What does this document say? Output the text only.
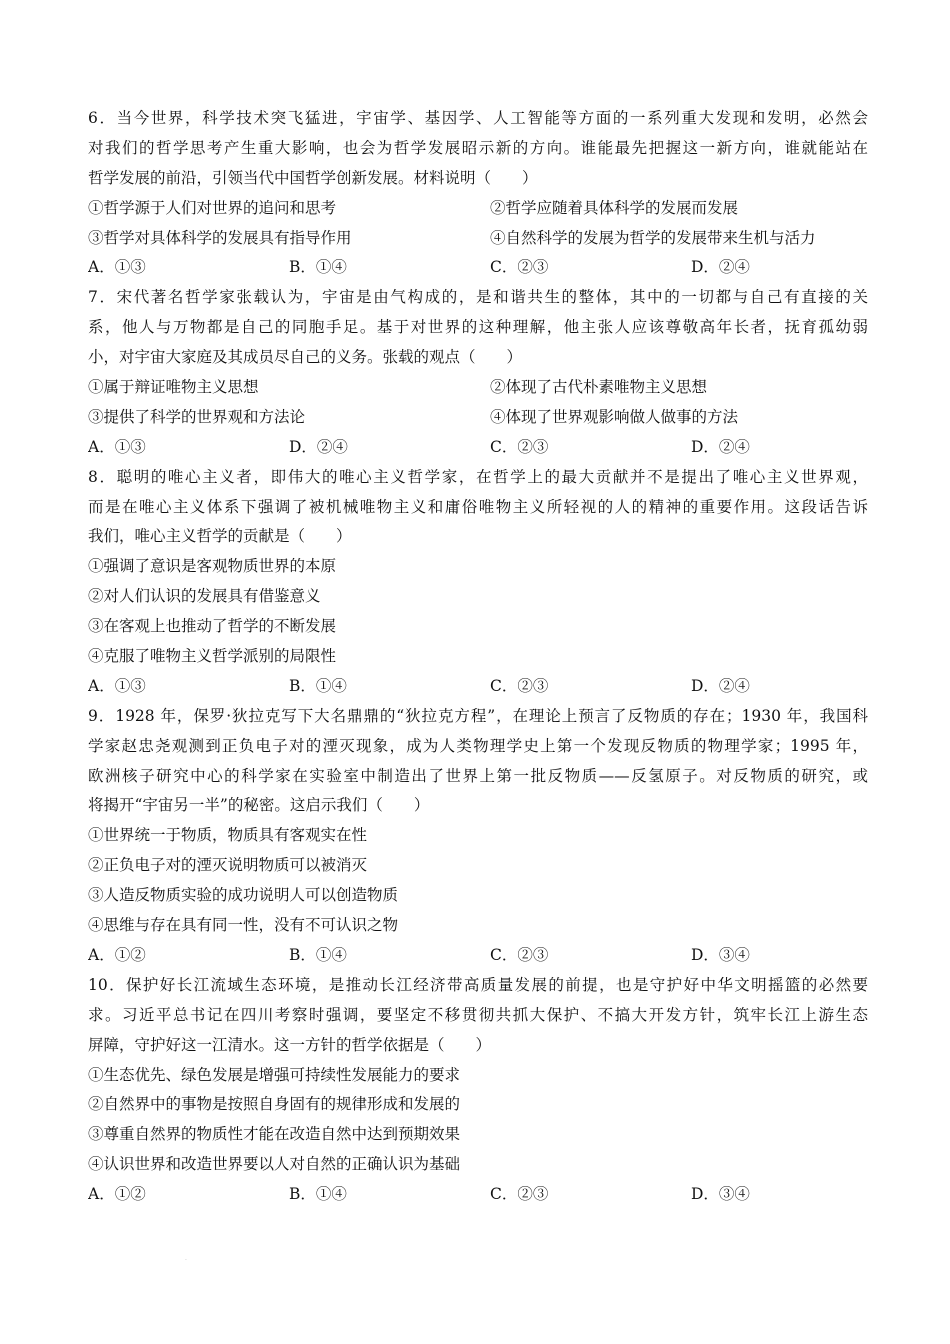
6．当今世界，科学技术突飞猛进，宇宙学、基因学、人工智能等方面的一系列重大发现和发明，必然会
对我们的哲学思考产生重大影响，也会为哲学发展昭示新的方向。谁能最先把握这一新方向，谁就能站在
哲学发展的前沿，引领当代中国哲学创新发展。材料说明（　　）
①哲学源于人们对世界的追问和思考	②哲学应随着具体科学的发展而发展
③哲学对具体科学的发展具有指导作用	④自然科学的发展为哲学的发展带来生机与活力
A．①③	B．①④	C．②③	D．②④
7．宋代著名哲学家张载认为，宇宙是由气构成的，是和谐共生的整体，其中的一切都与自己有直接的关
系，他人与万物都是自己的同胞手足。基于对世界的这种理解，他主张人应该尊敬高年长者，抚育孤幼弱
小，对宇宙大家庭及其成员尽自己的义务。张载的观点（　　）
①属于辩证唯物主义思想	②体现了古代朴素唯物主义思想
③提供了科学的世界观和方法论	④体现了世界观影响做人做事的方法
A．①③	D．②④	C．②③	D．②④
8．聪明的唯心主义者，即伟大的唯心主义哲学家，在哲学上的最大贡献并不是提出了唯心主义世界观，
而是在唯心主义体系下强调了被机械唯物主义和庸俗唯物主义所轻视的人的精神的重要作用。这段话告诉
我们，唯心主义哲学的贡献是（　　）
①强调了意识是客观物质世界的本原
②对人们认识的发展具有借鉴意义
③在客观上也推动了哲学的不断发展
④克服了唯物主义哲学派别的局限性
A．①③	B．①④	C．②③	D．②④
9．1928 年，保罗·狄拉克写下大名鼎鼎的“狄拉克方程”，在理论上预言了反物质的存在；1930 年，我国科
学家赵忠尧观测到正负电子对的湮灭现象，成为人类物理学史上第一个发现反物质的物理学家；1995 年，
欧洲核子研究中心的科学家在实验室中制造出了世界上第一批反物质——反氢原子。对反物质的研究，或
将揭开“宇宙另一半”的秘密。这启示我们（　　）
①世界统一于物质，物质具有客观实在性
②正负电子对的湮灭说明物质可以被消灭
③人造反物质实验的成功说明人可以创造物质
④思维与存在具有同一性，没有不可认识之物
A．①②	B．①④	C．②③	D．③④
10．保护好长江流域生态环境，是推动长江经济带高质量发展的前提，也是守护好中华文明摇篮的必然要
求。习近平总书记在四川考察时强调，要坚定不移贯彻共抓大保护、不搞大开发方针，筑牢长江上游生态
屏障，守护好这一江清水。这一方针的哲学依据是（　　）
①生态优先、绿色发展是增强可持续性发展能力的要求
②自然界中的事物是按照自身固有的规律形成和发展的
③尊重自然界的物质性才能在改造自然中达到预期效果
④认识世界和改造世界要以人对自然的正确认识为基础
A．①②	B．①④	C．②③	D．③④
.
